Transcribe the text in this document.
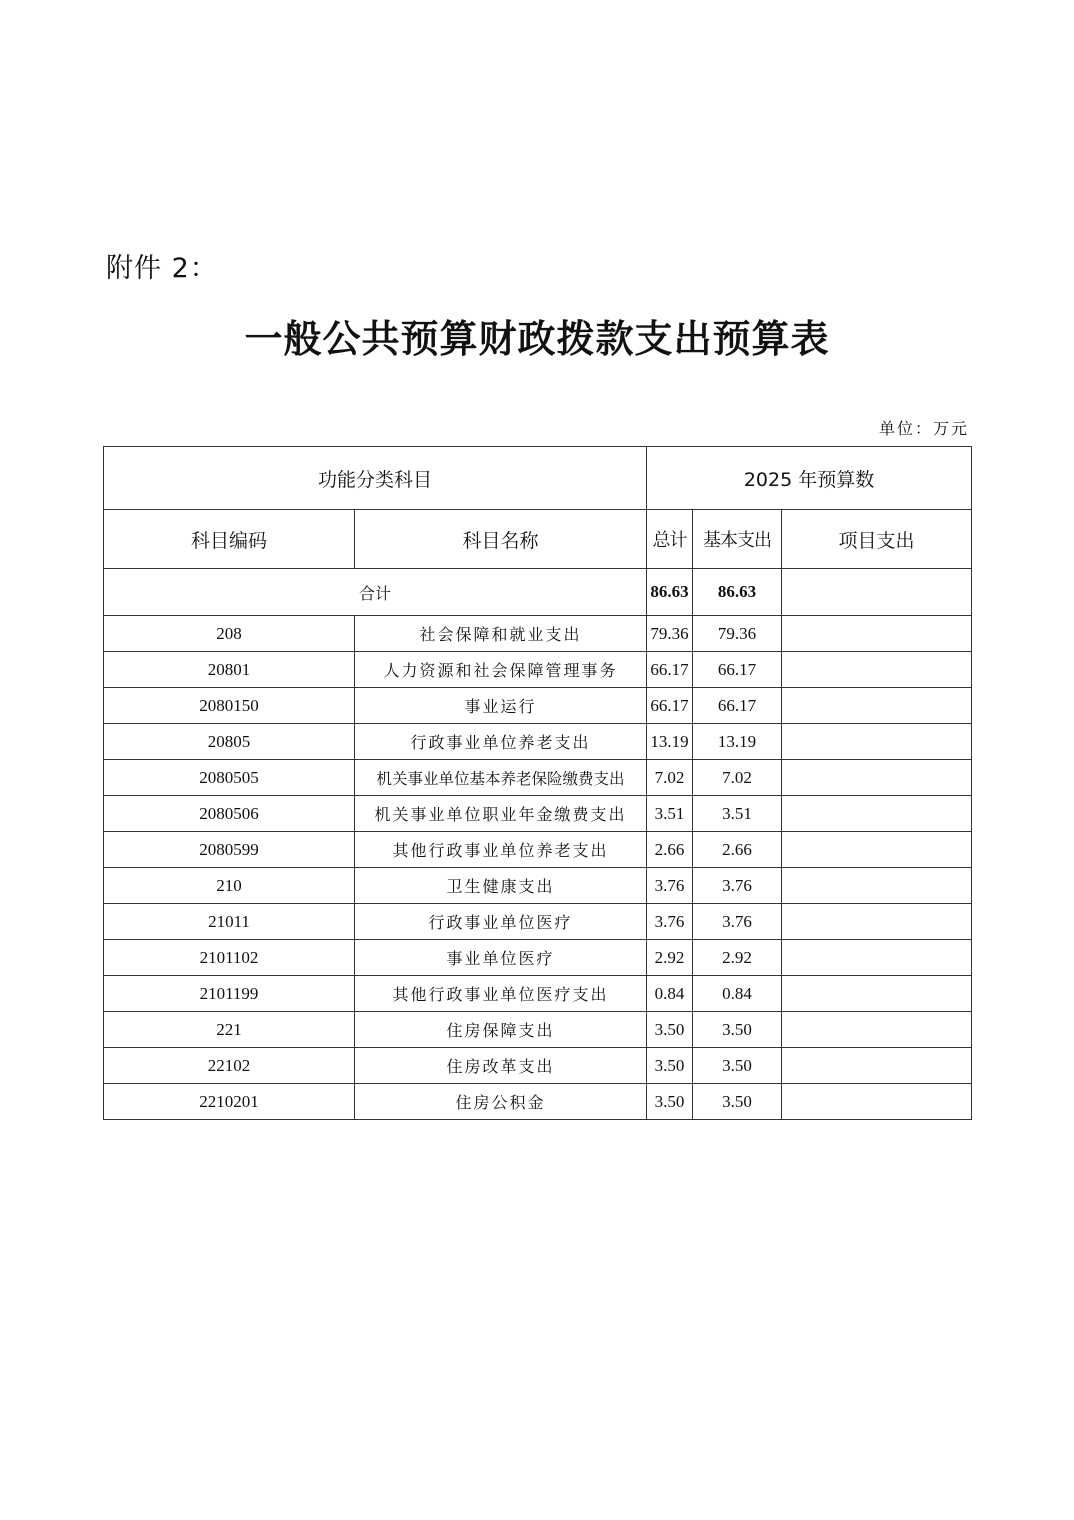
附件 2：
一般公共预算财政拨款支出预算表
单位：万元
功能分类科目		2025 年预算数		
科目编码	科目名称	总计	基本支出	项目支出
合计		86.63	86.63	
208	社会保障和就业支出	79.36	79.36	
20801	人力资源和社会保障管理事务	66.17	66.17	
2080150	事业运行	66.17	66.17	
20805	行政事业单位养老支出	13.19	13.19	
2080505	机关事业单位基本养老保险缴费支出	7.02	7.02	
2080506	机关事业单位职业年金缴费支出	3.51	3.51	
2080599	其他行政事业单位养老支出	2.66	2.66	
210	卫生健康支出	3.76	3.76	
21011	行政事业单位医疗	3.76	3.76	
2101102	事业单位医疗	2.92	2.92	
2101199	其他行政事业单位医疗支出	0.84	0.84	
221	住房保障支出	3.50	3.50	
22102	住房改革支出	3.50	3.50	
2210201	住房公积金	3.50	3.50	
